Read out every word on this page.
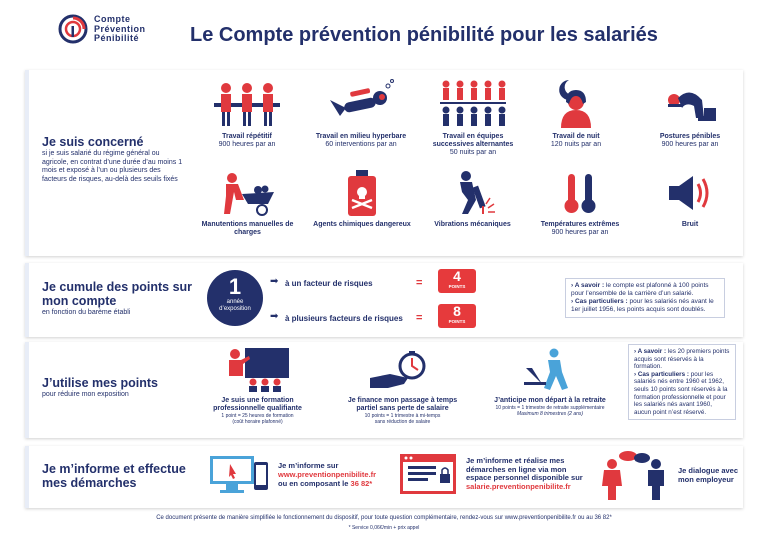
Compte
Prévention
Pénibilité	Le Compte prévention pénibilité pour les salariés
Je suis concerné
si je suis salarié du régime général ou agricole, en contrat d’une durée d’au moins 1 mois et exposé à l’un ou plusieurs des facteurs de risques, au-delà des seuils fixés
Travail répétitif
900 heures par an
Travail en milieu hyperbare
60 interventions par an
Travail en équipes successives alternantes
50 nuits par an
Travail de nuit
120 nuits par an
Postures pénibles
900 heures par an
Manutentions manuelles de charges
Agents chimiques dangereux	Vibrations mécaniques	Températures extrêmes
900 heures par an
Bruit
Je cumule des points sur mon compte
en fonction du barème établi
1
année d’exposition
➡ à un facteur de risques	=	4
POINTS
➡ à plusieurs facteurs de risques =	8
POINTS
› A savoir : le compte est plafonné à 100 points pour l’ensemble de la carrière d’un salarié.
› Cas particuliers : pour les salariés nés avant le 1er juillet 1956, les points acquis sont doublés.
J’utilise mes points
pour réduire mon exposition
Je suis une formation professionnelle qualifiante
1 point = 25 heures de formation
(coût horaire plafonné)
Je finance mon passage à temps partiel sans perte de salaire
10 points = 1 trimestre à mi-temps
sans réduction de salaire
J’anticipe mon départ à la retraite
10 points = 1 trimestre de retraite supplémentaire
Maximum 8 trimestres (2 ans)
› A savoir : les 20 premiers points acquis sont réservés à la formation.
› Cas particuliers : pour les salariés nés entre 1960 et 1962, seuls 10 points sont réservés à la formation professionnelle et pour les salariés nés avant 1960, aucun point n’est réservé.
Je m’informe et effectue mes démarches
Je m’informe sur
www.preventionpenibilite.fr
ou en composant le 36 82*
Je m’informe et réalise mes démarches en ligne via mon espace personnel disponible sur
salarie.preventionpenibilite.fr
Je dialogue avec mon employeur
Ce document présente de manière simplifiée le fonctionnement du dispositif, pour toute question complémentaire, rendez-vous sur www.preventionpenibilite.fr ou au 36 82*
* Service 0,06€/min + prix appel
